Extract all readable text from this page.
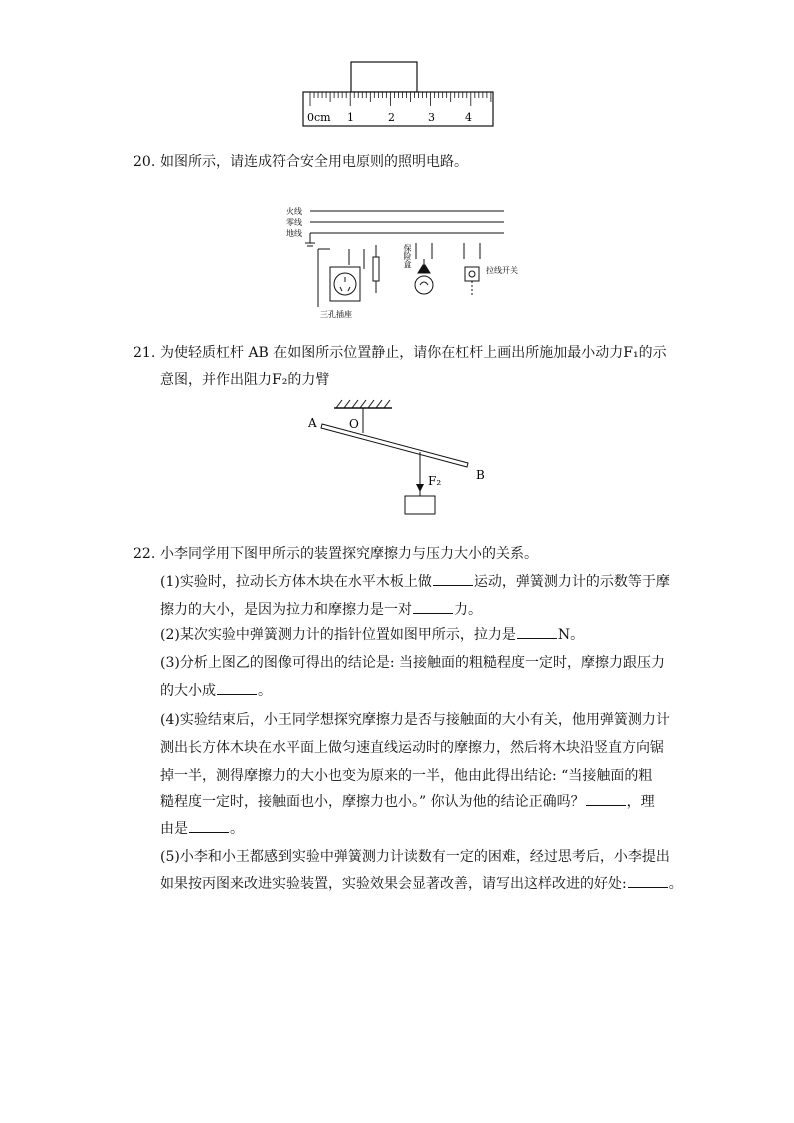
0cm 1	2	3	4
20. 如图所示，请连成符合安全用电原则的照明电路。
火线
零线
地线
三孔插座
保险盒
拉线开关
21. 为使轻质杠杆 AB 在如图所示位置静止，请你在杠杆上画出所施加最小动力F₁的示
意图，并作出阻力F₂的力臂
A	O
B
F₂
22. 小李同学用下图甲所示的装置探究摩擦力与压力大小的关系。
(1)实验时，拉动长方体木块在水平木板上做	运动，弹簧测力计的示数等于摩
擦力的大小，是因为拉力和摩擦力是一对	力。
(2)某次实验中弹簧测力计的指针位置如图甲所示，拉力是	N。
(3)分析上图乙的图像可得出的结论是: 当接触面的粗糙程度一定时，摩擦力跟压力
的大小成	。
(4)实验结束后，小王同学想探究摩擦力是否与接触面的大小有关，他用弹簧测力计
测出长方体木块在水平面上做匀速直线运动时的摩擦力，然后将木块沿竖直方向锯
掉一半，测得摩擦力的大小也变为原来的一半，他由此得出结论: “当接触面的粗
糙程度一定时，接触面也小，摩擦力也小。” 你认为他的结论正确吗？	，理
由是	。
(5)小李和小王都感到实验中弹簧测力计读数有一定的困难，经过思考后，小李提出
如果按丙图来改进实验装置，实验效果会显著改善，请写出这样改进的好处:	。
